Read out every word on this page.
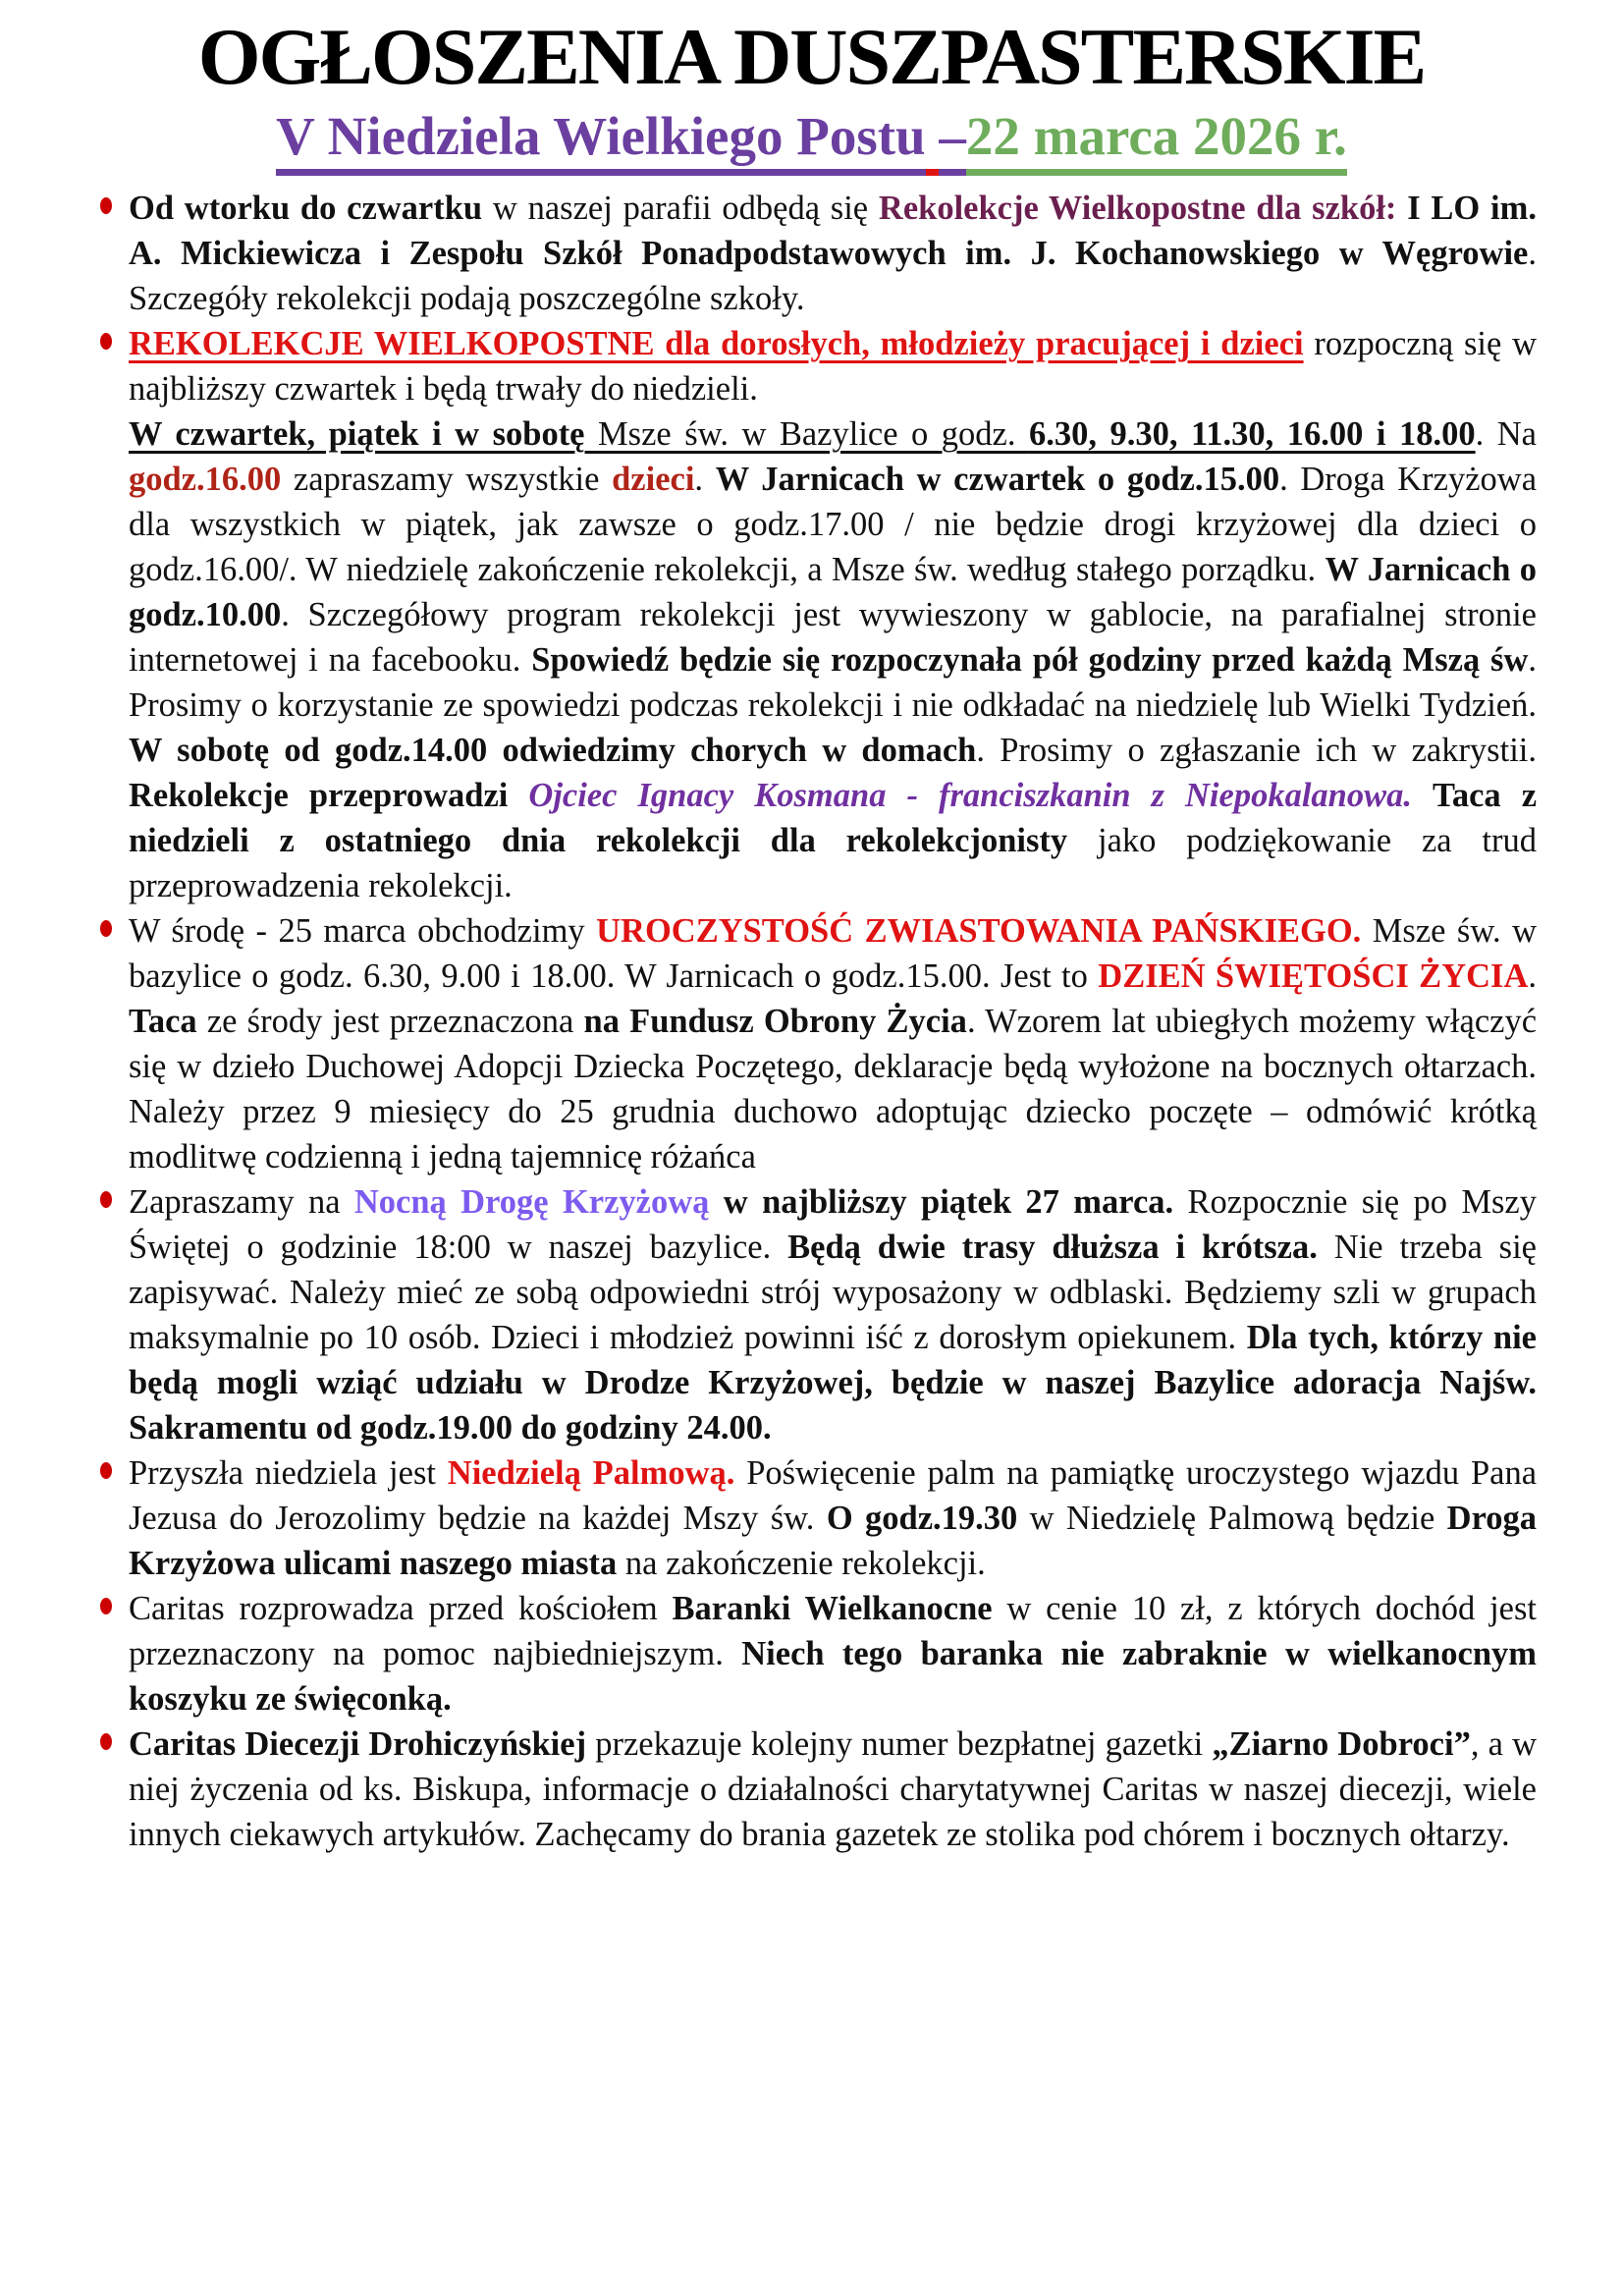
OGŁOSZENIA DUSZPASTERSKIE
V Niedziela Wielkiego Postu –22 marca 2026 r.
Od wtorku do czwartku w naszej parafii odbędą się Rekolekcje Wielkopostne dla szkół: I LO im. A. Mickiewicza i Zespołu Szkół Ponadpodstawowych im. J. Kochanowskiego w Węgrowie. Szczegóły rekolekcji podają poszczególne szkoły.
REKOLEKCJE WIELKOPOSTNE dla dorosłych, młodzieży pracującej i dzieci rozpoczną się w najbliższy czwartek i będą trwały do niedzieli.
W czwartek, piątek i w sobotę Msze św. w Bazylice o godz. 6.30, 9.30, 11.30, 16.00 i 18.00. Na godz.16.00 zapraszamy wszystkie dzieci. W Jarnicach w czwartek o godz.15.00. Droga Krzyżowa dla wszystkich w piątek, jak zawsze o godz.17.00 / nie będzie drogi krzyżowej dla dzieci o godz.16.00/. W niedzielę zakończenie rekolekcji, a Msze św. według stałego porządku. W Jarnicach o godz.10.00. Szczegółowy program rekolekcji jest wywieszony w gablocie, na parafialnej stronie internetowej i na facebooku. Spowiedź będzie się rozpoczynała pół godziny przed każdą Mszą św. Prosimy o korzystanie ze spowiedzi podczas rekolekcji i nie odkładać na niedzielę lub Wielki Tydzień. W sobotę od godz.14.00 odwiedzimy chorych w domach. Prosimy o zgłaszanie ich w zakrystii. Rekolekcje przeprowadzi Ojciec Ignacy Kosmana - franciszkanin z Niepokalanowa. Taca z niedzieli z ostatniego dnia rekolekcji dla rekolekcjonisty jako podziękowanie za trud przeprowadzenia rekolekcji.
W środę - 25 marca obchodzimy UROCZYSTOŚĆ ZWIASTOWANIA PAŃSKIEGO. Msze św. w bazylice o godz. 6.30, 9.00 i 18.00. W Jarnicach o godz.15.00. Jest to DZIEŃ ŚWIĘTOŚCI ŻYCIA. Taca ze środy jest przeznaczona na Fundusz Obrony Życia. Wzorem lat ubiegłych możemy włączyć się w dzieło Duchowej Adopcji Dziecka Poczętego, deklaracje będą wyłożone na bocznych ołtarzach. Należy przez 9 miesięcy do 25 grudnia duchowo adoptując dziecko poczęte – odmówić krótką modlitwę codzienną i jedną tajemnicę różańca
Zapraszamy na Nocną Drogę Krzyżową w najbliższy piątek 27 marca. Rozpocznie się po Mszy Świętej o godzinie 18:00 w naszej bazylice. Będą dwie trasy dłuższa i krótsza. Nie trzeba się zapisywać. Należy mieć ze sobą odpowiedni strój wyposażony w odblaski. Będziemy szli w grupach maksymalnie po 10 osób. Dzieci i młodzież powinni iść z dorosłym opiekunem. Dla tych, którzy nie będą mogli wziąć udziału w Drodze Krzyżowej, będzie w naszej Bazylice adoracja Najśw. Sakramentu od godz.19.00 do godziny 24.00.
Przyszła niedziela jest Niedzielą Palmową. Poświęcenie palm na pamiątkę uroczystego wjazdu Pana Jezusa do Jerozolimy będzie na każdej Mszy św. O godz.19.30 w Niedzielę Palmową będzie Droga Krzyżowa ulicami naszego miasta na zakończenie rekolekcji.
Caritas rozprowadza przed kościołem Baranki Wielkanocne w cenie 10 zł, z których dochód jest przeznaczony na pomoc najbiedniejszym. Niech tego baranka nie zabraknie w wielkanocnym koszyku ze święconką.
Caritas Diecezji Drohiczyńskiej przekazuje kolejny numer bezpłatnej gazetki „Ziarno Dobroci”, a w niej życzenia od ks. Biskupa, informacje o działalności charytatywnej Caritas w naszej diecezji, wiele innych ciekawych artykułów. Zachęcamy do brania gazetek ze stolika pod chórem i bocznych ołtarzy.
